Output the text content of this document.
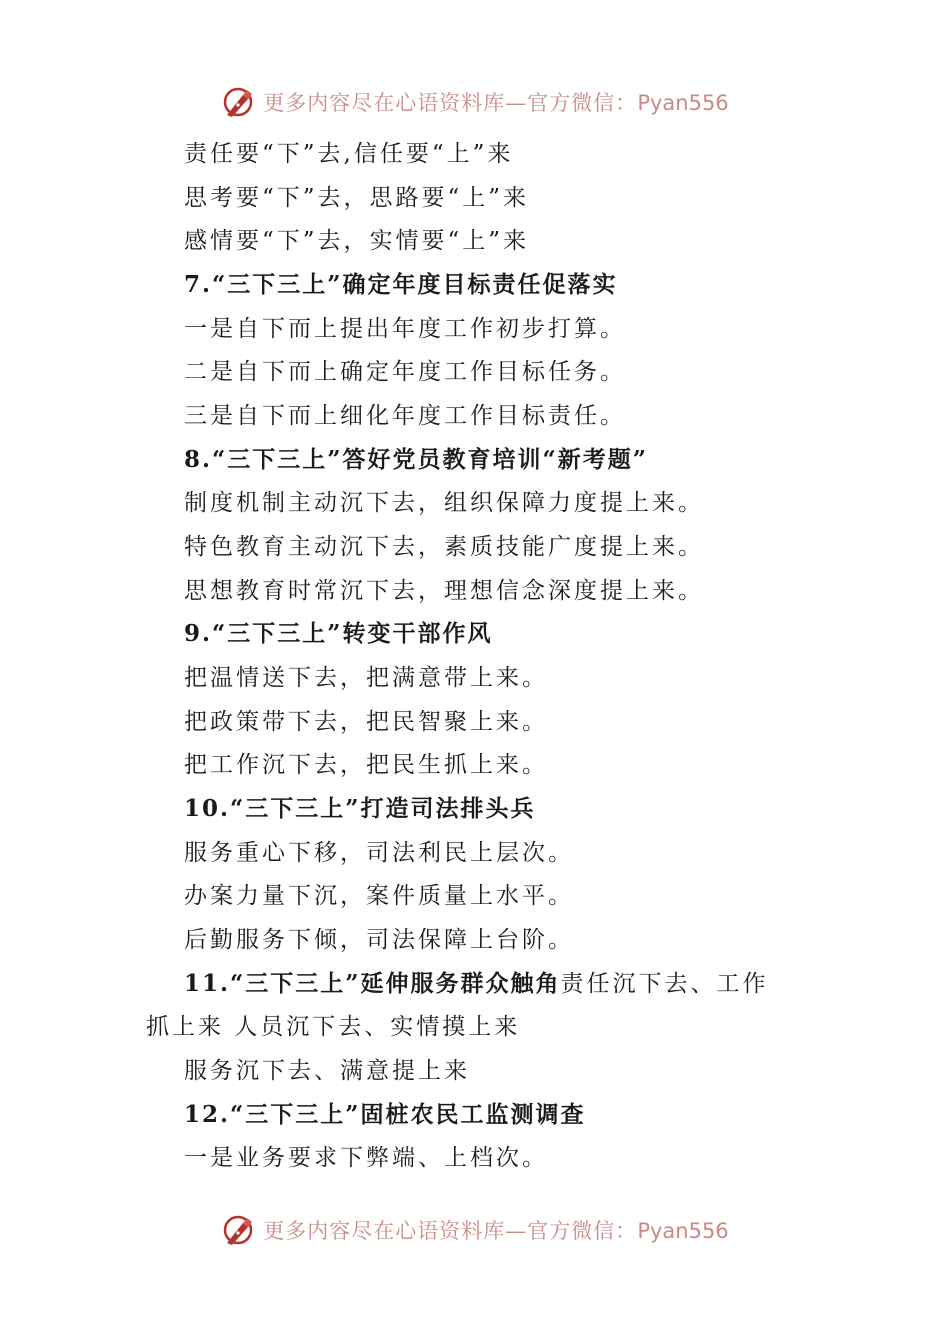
更多内容尽在心语资料库—官方微信：Pyan556
责任要“下”去,信任要“上”来
思考要“下”去，思路要“上”来
感情要“下”去，实情要“上”来
7.“三下三上”确定年度目标责任促落实
一是自下而上提出年度工作初步打算。
二是自下而上确定年度工作目标任务。
三是自下而上细化年度工作目标责任。
8.“三下三上”答好党员教育培训“新考题”
制度机制主动沉下去，组织保障力度提上来。
特色教育主动沉下去，素质技能广度提上来。
思想教育时常沉下去，理想信念深度提上来。
9.“三下三上”转变干部作风
把温情送下去，把满意带上来。
把政策带下去，把民智聚上来。
把工作沉下去，把民生抓上来。
10.“三下三上”打造司法排头兵
服务重心下移，司法利民上层次。
办案力量下沉，案件质量上水平。
后勤服务下倾，司法保障上台阶。
11.“三下三上”延伸服务群众触角责任沉下去、工作
抓上来 人员沉下去、实情摸上来
服务沉下去、满意提上来
12.“三下三上”固桩农民工监测调查
一是业务要求下弊端、上档次。
更多内容尽在心语资料库—官方微信：Pyan556
